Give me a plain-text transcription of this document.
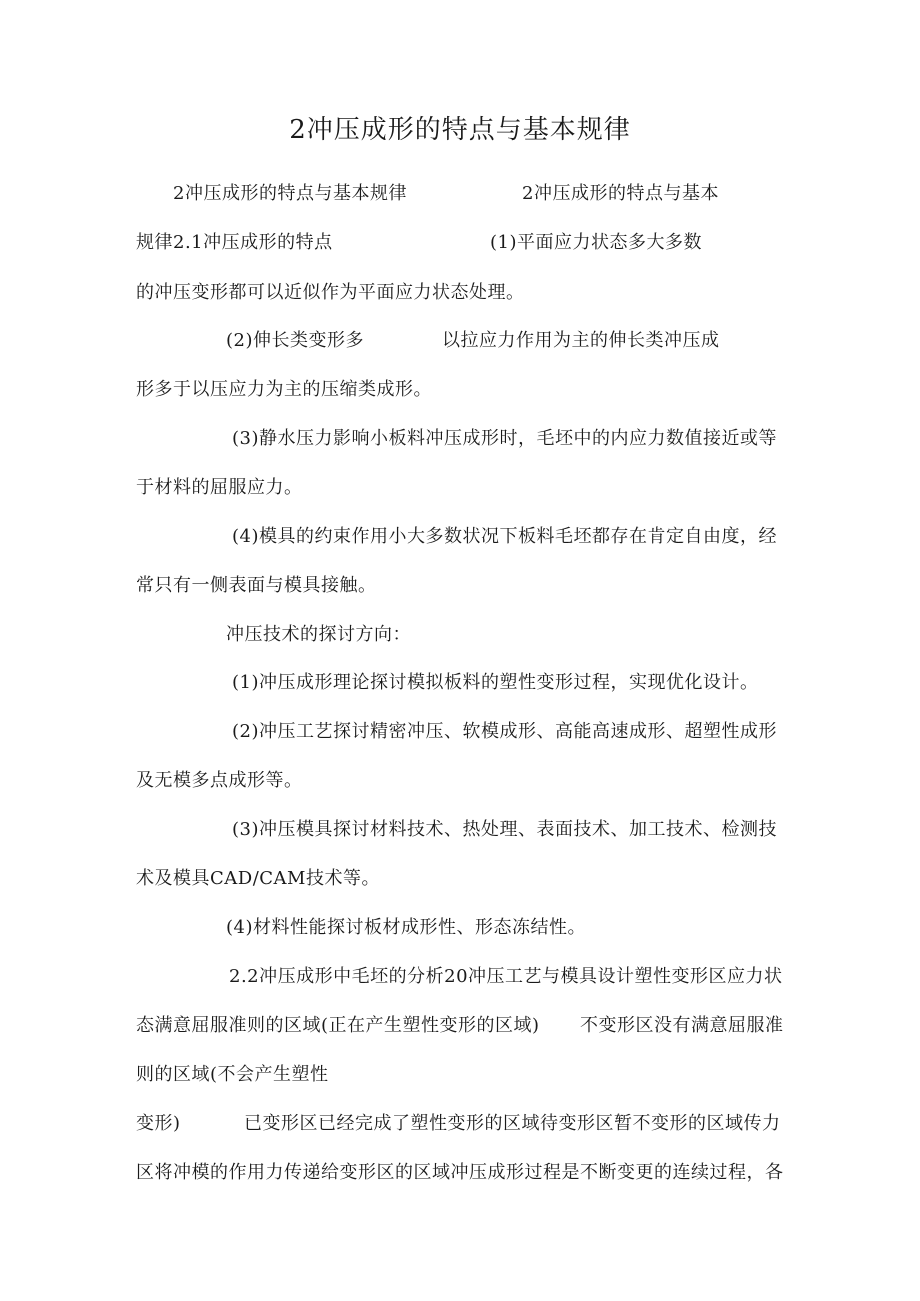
2冲压成形的特点与基本规律
2冲压成形的特点与基本规律	2冲压成形的特点与基本
规律2.1冲压成形的特点	(1)平面应力状态多大多数
的冲压变形都可以近似作为平面应力状态处理。
(2)伸长类变形多	以拉应力作用为主的伸长类冲压成
形多于以压应力为主的压缩类成形。
(3)静水压力影响小板料冲压成形时，毛坯中的内应力数值接近或等
于材料的屈服应力。
(4)模具的约束作用小大多数状况下板料毛坯都存在肯定自由度，经
常只有一侧表面与模具接触。
冲压技术的探讨方向：
(1)冲压成形理论探讨模拟板料的塑性变形过程，实现优化设计。
(2)冲压工艺探讨精密冲压、软模成形、高能高速成形、超塑性成形
及无模多点成形等。
(3)冲压模具探讨材料技术、热处理、表面技术、加工技术、检测技
术及模具CAD/CAM技术等。
(4)材料性能探讨板材成形性、形态冻结性。
2.2冲压成形中毛坯的分析20冲压工艺与模具设计塑性变形区应力状
态满意屈服准则的区域(正在产生塑性变形的区域) 不变形区没有满意屈服准
则的区域(不会产生塑性
变形)	已变形区已经完成了塑性变形的区域待变形区暂不变形的区域传力
区将冲模的作用力传递给变形区的区域冲压成形过程是不断变更的连续过程，各
